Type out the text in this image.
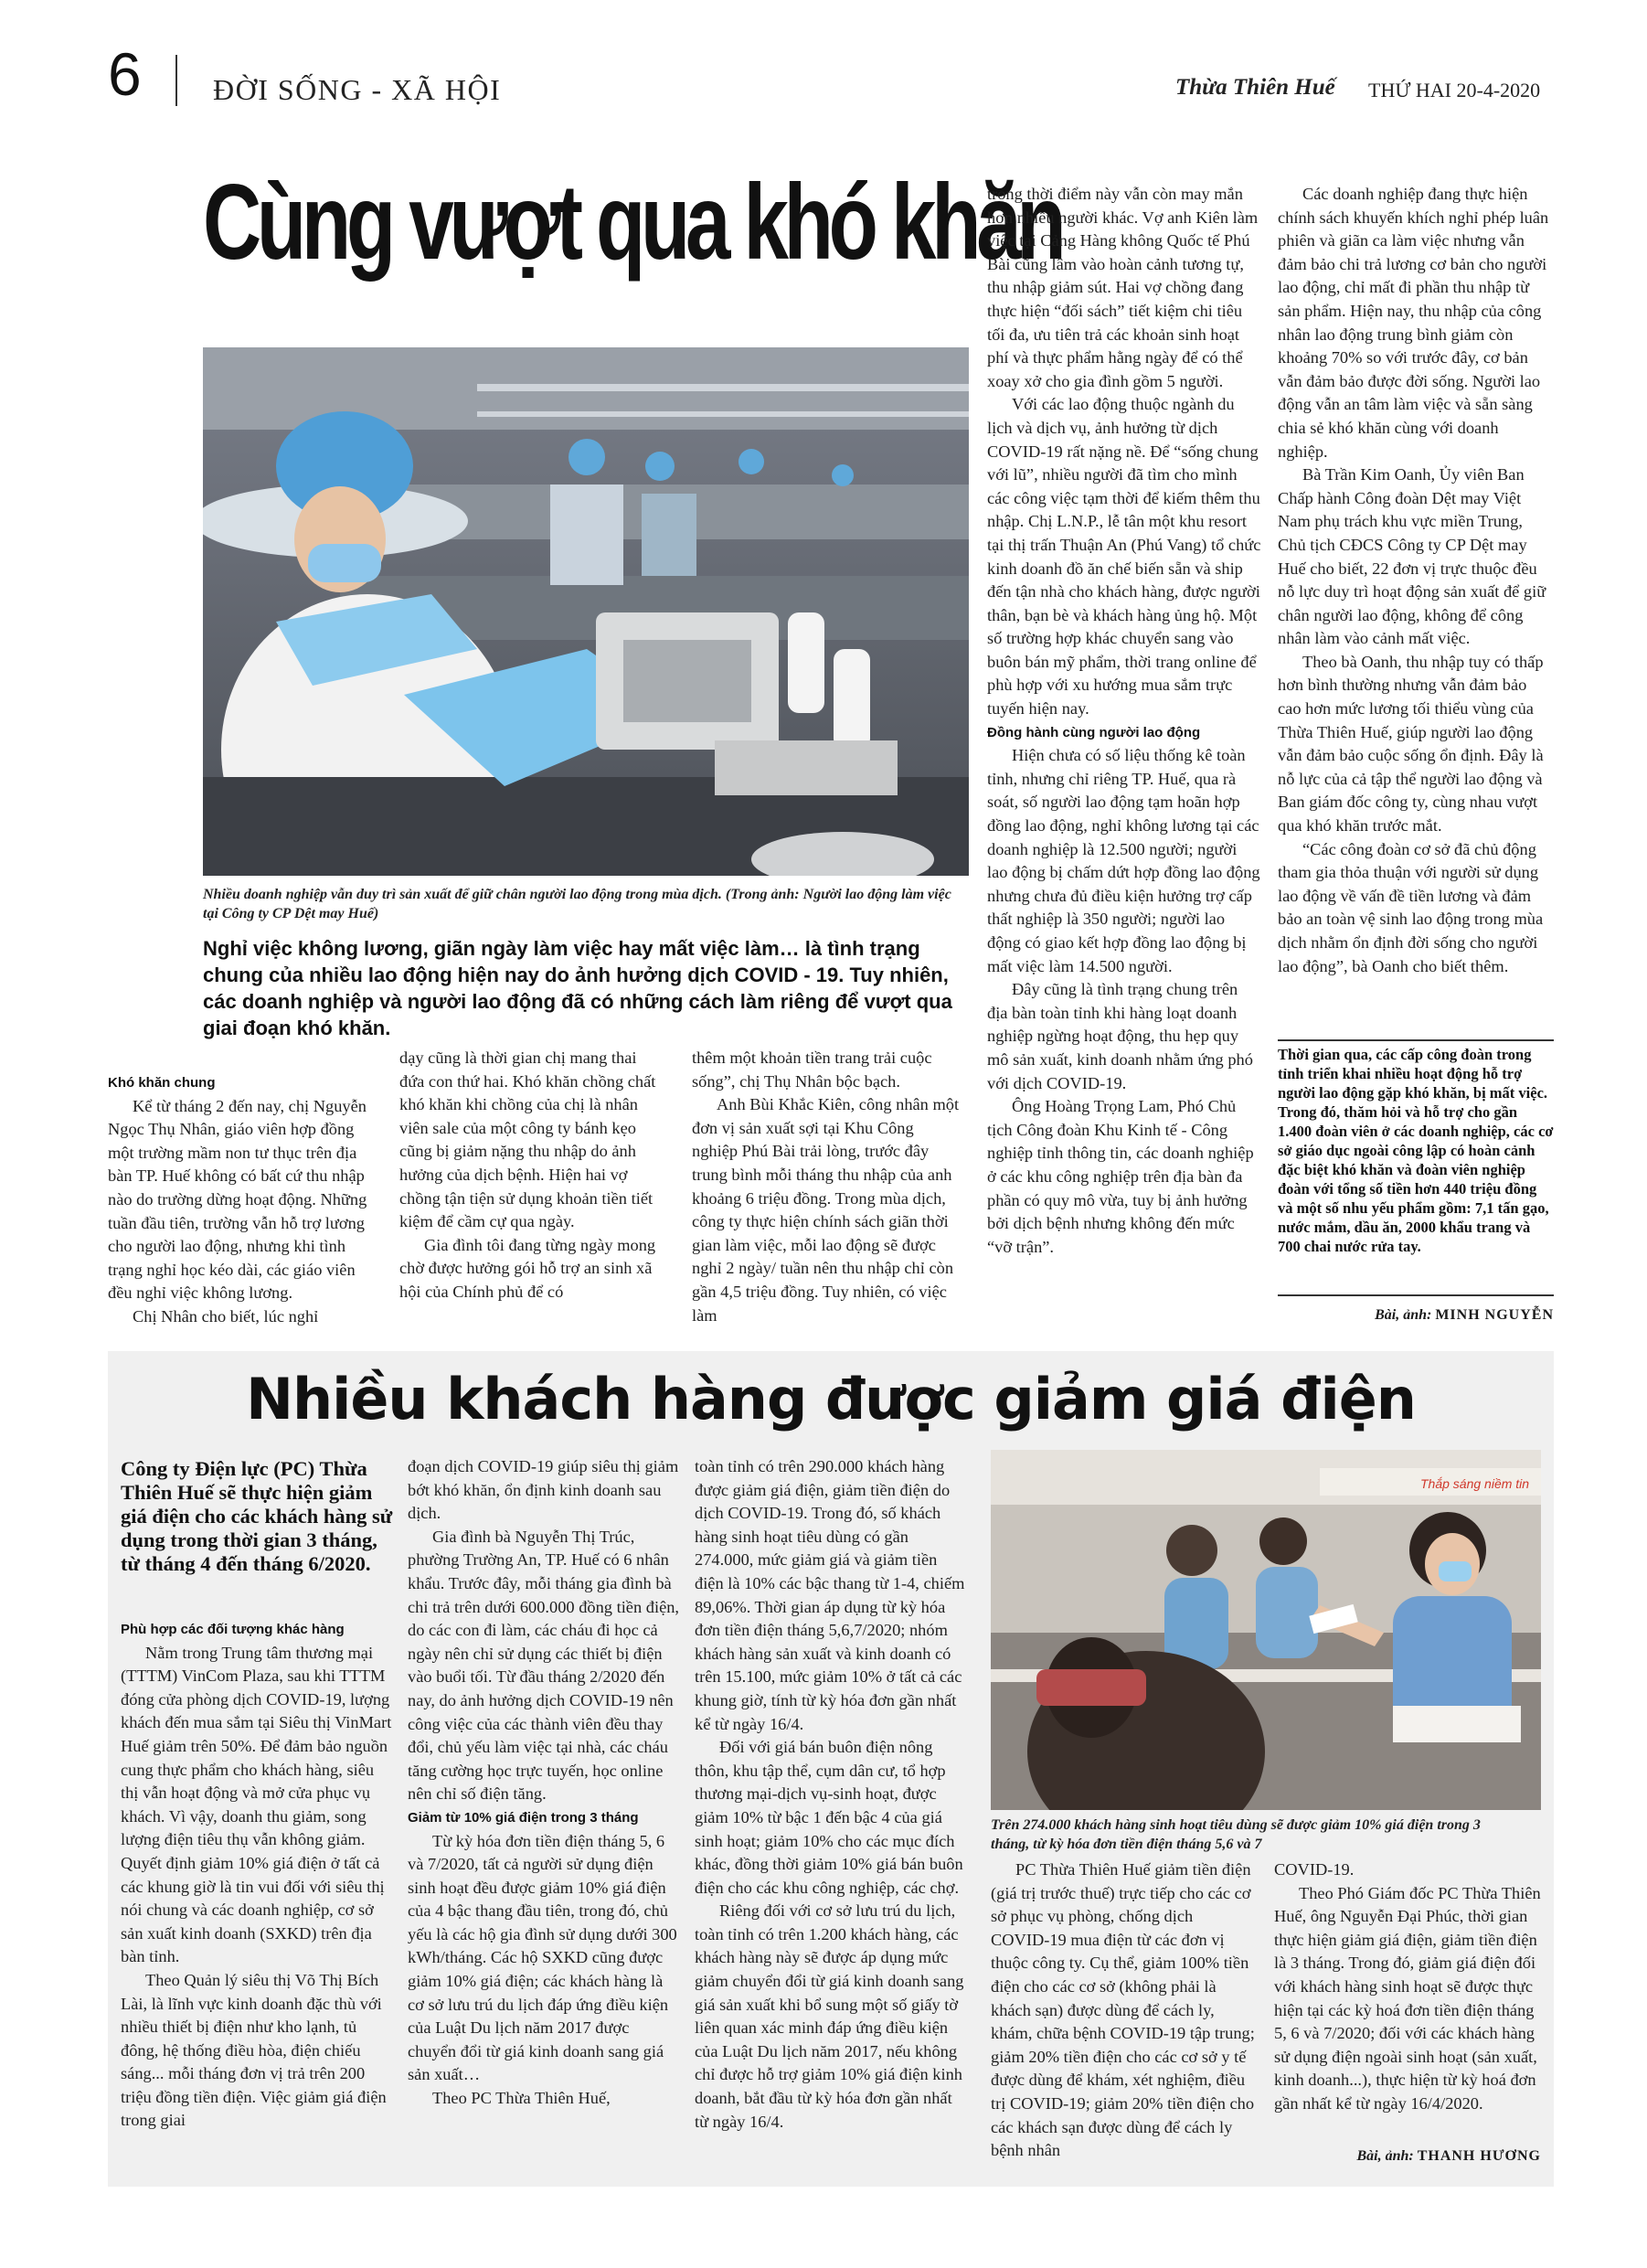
6 ĐỜI SỐNG - XÃ HỘI	Thừa Thiên Huế THỨ HAI 20-4-2020
Cùng vượt qua khó khăn
Nhiều doanh nghiệp vẫn duy trì sản xuất để giữ chân người lao động trong mùa dịch. (Trong ảnh: Người lao động làm việc tại Công ty CP Dệt may Huế)
Nghỉ việc không lương, giãn ngày làm việc hay mất việc làm… là tình trạng chung của nhiều lao động hiện nay do ảnh hưởng dịch COVID - 19. Tuy nhiên, các doanh nghiệp và người lao động đã có những cách làm riêng để vượt qua giai đoạn khó khăn.
Khó khăn chung

Kể từ tháng 2 đến nay, chị Nguyễn Ngọc Thụ Nhân, giáo viên hợp đồng một trường mầm non tư thục trên địa bàn TP. Huế không có bất cứ thu nhập nào do trường dừng hoạt động. Những tuần đầu tiên, trường vẫn hỗ trợ lương cho người lao động, nhưng khi tình trạng nghỉ học kéo dài, các giáo viên đều nghỉ việc không lương.

Chị Nhân cho biết, lúc nghỉ

dạy cũng là thời gian chị mang thai đứa con thứ hai. Khó khăn chồng chất khó khăn khi chồng của chị là nhân viên sale của một công ty bánh kẹo cũng bị giảm nặng thu nhập do ảnh hưởng của dịch bệnh. Hiện hai vợ chồng tận tiện sử dụng khoản tiền tiết kiệm để cầm cự qua ngày.

Gia đình tôi đang từng ngày mong chờ được hưởng gói hỗ trợ an sinh xã hội của Chính phủ để có

thêm một khoản tiền trang trải cuộc sống”, chị Thụ Nhân bộc bạch.

Anh Bùi Khắc Kiên, công nhân một đơn vị sản xuất sợi tại Khu Công nghiệp Phú Bài trải lòng, trước đây trung bình mỗi tháng thu nhập của anh khoảng 6 triệu đồng. Trong mùa dịch, công ty thực hiện chính sách giãn thời gian làm việc, mỗi lao động sẽ được nghỉ 2 ngày/ tuần nên thu nhập chỉ còn gần 4,5 triệu đồng. Tuy nhiên, có việc làm

trong thời điểm này vẫn còn may mắn hơn nhiều người khác. Vợ anh Kiên làm việc tại Cảng Hàng không Quốc tế Phú Bài cũng lâm vào hoàn cảnh tương tự, thu nhập giảm sút. Hai vợ chồng đang thực hiện “đối sách” tiết kiệm chi tiêu tối đa, ưu tiên trả các khoản sinh hoạt phí và thực phẩm hằng ngày để có thể xoay xở cho gia đình gồm 5 người.

Với các lao động thuộc ngành du lịch và dịch vụ, ảnh hưởng từ dịch COVID-19 rất nặng nề. Để “sống chung với lũ”, nhiều người đã tìm cho mình các công việc tạm thời để kiếm thêm thu nhập. Chị L.N.P., lễ tân một khu resort tại thị trấn Thuận An (Phú Vang) tổ chức kinh doanh đồ ăn chế biến sẵn và ship đến tận nhà cho khách hàng, được người thân, bạn bè và khách hàng ủng hộ. Một số trường hợp khác chuyển sang vào buôn bán mỹ phẩm, thời trang online để phù hợp với xu hướng mua sắm trực tuyến hiện nay.

Đồng hành cùng người lao động

Hiện chưa có số liệu thống kê toàn tỉnh, nhưng chỉ riêng TP. Huế, qua rà soát, số người lao động tạm hoãn hợp đồng lao động, nghỉ không lương tại các doanh nghiệp là 12.500 người; người lao động bị chấm dứt hợp đồng lao động nhưng chưa đủ điều kiện hưởng trợ cấp thất nghiệp là 350 người; người lao động có giao kết hợp đồng lao động bị mất việc làm 14.500 người.

Đây cũng là tình trạng chung trên địa bàn toàn tỉnh khi hàng loạt doanh nghiệp ngừng hoạt động, thu hẹp quy mô sản xuất, kinh doanh nhằm ứng phó với dịch COVID-19.

Ông Hoàng Trọng Lam, Phó Chủ tịch Công đoàn Khu Kinh tế - Công nghiệp tỉnh thông tin, các doanh nghiệp ở các khu công nghiệp trên địa bàn đa phần có quy mô vừa, tuy bị ảnh hưởng bởi dịch bệnh nhưng không đến mức “vỡ trận”.

Các doanh nghiệp đang thực hiện chính sách khuyến khích nghỉ phép luân phiên và giãn ca làm việc nhưng vẫn đảm bảo chi trả lương cơ bản cho người lao động, chỉ mất đi phần thu nhập từ sản phẩm. Hiện nay, thu nhập của công nhân lao động trung bình giảm còn khoảng 70% so với trước đây, cơ bản vẫn đảm bảo được đời sống. Người lao động vẫn an tâm làm việc và sẵn sàng chia sẻ khó khăn cùng với doanh nghiệp.

Bà Trần Kim Oanh, Ủy viên Ban Chấp hành Công đoàn Dệt may Việt Nam phụ trách khu vực miền Trung, Chủ tịch CĐCS Công ty CP Dệt may Huế cho biết, 22 đơn vị trực thuộc đều nỗ lực duy trì hoạt động sản xuất để giữ chân người lao động, không để công nhân làm vào cảnh mất việc.

Theo bà Oanh, thu nhập tuy có thấp hơn bình thường nhưng vẫn đảm bảo cao hơn mức lương tối thiểu vùng của Thừa Thiên Huế, giúp người lao động vẫn đảm bảo cuộc sống ổn định. Đây là nỗ lực của cả tập thể người lao động và Ban giám đốc công ty, cùng nhau vượt qua khó khăn trước mắt.

“Các công đoàn cơ sở đã chủ động tham gia thỏa thuận với người sử dụng lao động về vấn đề tiền lương và đảm bảo an toàn vệ sinh lao động trong mùa dịch nhằm ổn định đời sống cho người lao động”, bà Oanh cho biết thêm.

Thời gian qua, các cấp công đoàn trong tỉnh triển khai nhiều hoạt động hỗ trợ người lao động gặp khó khăn, bị mất việc. Trong đó, thăm hỏi và hỗ trợ cho gần 1.400 đoàn viên ở các doanh nghiệp, các cơ sở giáo dục ngoài công lập có hoàn cảnh đặc biệt khó khăn và đoàn viên nghiệp đoàn với tổng số tiền hơn 440 triệu đồng và một số nhu yếu phẩm gồm: 7,1 tấn gạo, nước mắm, dầu ăn, 2000 khẩu trang và 700 chai nước rửa tay.
Bài, ảnh: MINH NGUYỄN
Nhiều khách hàng được giảm giá điện
Công ty Điện lực (PC) Thừa Thiên Huế sẽ thực hiện giảm giá điện cho các khách hàng sử dụng trong thời gian 3 tháng, từ tháng 4 đến tháng 6/2020.
Phù hợp các đối tượng khác hàng

Nằm trong Trung tâm thương mại (TTTM) VinCom Plaza, sau khi TTTM đóng cửa phòng dịch COVID-19, lượng khách đến mua sắm tại Siêu thị VinMart Huế giảm trên 50%. Để đảm bảo nguồn cung thực phẩm cho khách hàng, siêu thị vẫn hoạt động và mở cửa phục vụ khách. Vì vậy, doanh thu giảm, song lượng điện tiêu thụ vẫn không giảm. Quyết định giảm 10% giá điện ở tất cả các khung giờ là tin vui đối với siêu thị nói chung và các doanh nghiệp, cơ sở sản xuất kinh doanh (SXKD) trên địa bàn tỉnh.

Theo Quản lý siêu thị Võ Thị Bích Lài, là lĩnh vực kinh doanh đặc thù với nhiều thiết bị điện như kho lạnh, tủ đông, hệ thống điều hòa, điện chiếu sáng... mỗi tháng đơn vị trả trên 200 triệu đồng tiền điện. Việc giảm giá điện trong giai

đoạn dịch COVID-19 giúp siêu thị giảm bớt khó khăn, ổn định kinh doanh sau dịch.

Gia đình bà Nguyễn Thị Trúc, phường Trường An, TP. Huế có 6 nhân khẩu. Trước đây, mỗi tháng gia đình bà chi trả trên dưới 600.000 đồng tiền điện, do các con đi làm, các cháu đi học cả ngày nên chỉ sử dụng các thiết bị điện vào buổi tối. Từ đầu tháng 2/2020 đến nay, do ảnh hưởng dịch COVID-19 nên công việc của các thành viên đều thay đổi, chủ yếu làm việc tại nhà, các cháu tăng cường học trực tuyến, học online nên chỉ số điện tăng.

Giảm từ 10% giá điện trong 3 tháng

Từ kỳ hóa đơn tiền điện tháng 5, 6 và 7/2020, tất cả người sử dụng điện sinh hoạt đều được giảm 10% giá điện của 4 bậc thang đầu tiên, trong đó, chủ yếu là các hộ gia đình sử dụng dưới 300 kWh/tháng. Các hộ SXKD cũng được giảm 10% giá điện; các khách hàng là cơ sở lưu trú du lịch đáp ứng điều kiện của Luật Du lịch năm 2017 được chuyển đổi từ giá kinh doanh sang giá sản xuất…

Theo PC Thừa Thiên Huế,

toàn tỉnh có trên 290.000 khách hàng được giảm giá điện, giảm tiền điện do dịch COVID-19. Trong đó, số khách hàng sinh hoạt tiêu dùng có gần 274.000, mức giảm giá và giảm tiền điện là 10% các bậc thang từ 1-4, chiếm 89,06%. Thời gian áp dụng từ kỳ hóa đơn tiền điện tháng 5,6,7/2020; nhóm khách hàng sản xuất và kinh doanh có trên 15.100, mức giảm 10% ở tất cả các khung giờ, tính từ kỳ hóa đơn gần nhất kể từ ngày 16/4.

Đối với giá bán buôn điện nông thôn, khu tập thể, cụm dân cư, tổ hợp thương mại-dịch vụ-sinh hoạt, được giảm 10% từ bậc 1 đến bậc 4 của giá sinh hoạt; giảm 10% cho các mục đích khác, đồng thời giảm 10% giá bán buôn điện cho các khu công nghiệp, các chợ.

Riêng đối với cơ sở lưu trú du lịch, toàn tỉnh có trên 1.200 khách hàng, các khách hàng này sẽ được áp dụng mức giảm chuyển đổi từ giá kinh doanh sang giá sản xuất khi bổ sung một số giấy tờ liên quan xác minh đáp ứng điều kiện của Luật Du lịch năm 2017, nếu không chỉ được hỗ trợ giảm 10% giá điện kinh doanh, bắt đầu từ kỳ hóa đơn gần nhất từ ngày 16/4.

Thắp sáng niềm tin
Trên 274.000 khách hàng sinh hoạt tiêu dùng sẽ được giảm 10% giá điện trong 3 tháng, từ kỳ hóa đơn tiền điện tháng 5,6 và 7

PC Thừa Thiên Huế giảm tiền điện (giá trị trước thuế) trực tiếp cho các cơ sở phục vụ phòng, chống dịch COVID-19 mua điện từ các đơn vị thuộc công ty. Cụ thể, giảm 100% tiền điện cho các cơ sở (không phải là khách sạn) được dùng để cách ly, khám, chữa bệnh COVID-19 tập trung; giảm 20% tiền điện cho các cơ sở y tế được dùng để khám, xét nghiệm, điều trị COVID-19; giảm 20% tiền điện cho các khách sạn được dùng để cách ly bệnh nhân

COVID-19.

Theo Phó Giám đốc PC Thừa Thiên Huế, ông Nguyễn Đại Phúc, thời gian thực hiện giảm giá điện, giảm tiền điện là 3 tháng. Trong đó, giảm giá điện đối với khách hàng sinh hoạt sẽ được thực hiện tại các kỳ hoá đơn tiền điện tháng 5, 6 và 7/2020; đối với các khách hàng sử dụng điện ngoài sinh hoạt (sản xuất, kinh doanh...), thực hiện từ kỳ hoá đơn gần nhất kể từ ngày 16/4/2020.

Bài, ảnh: THANH HƯƠNG
